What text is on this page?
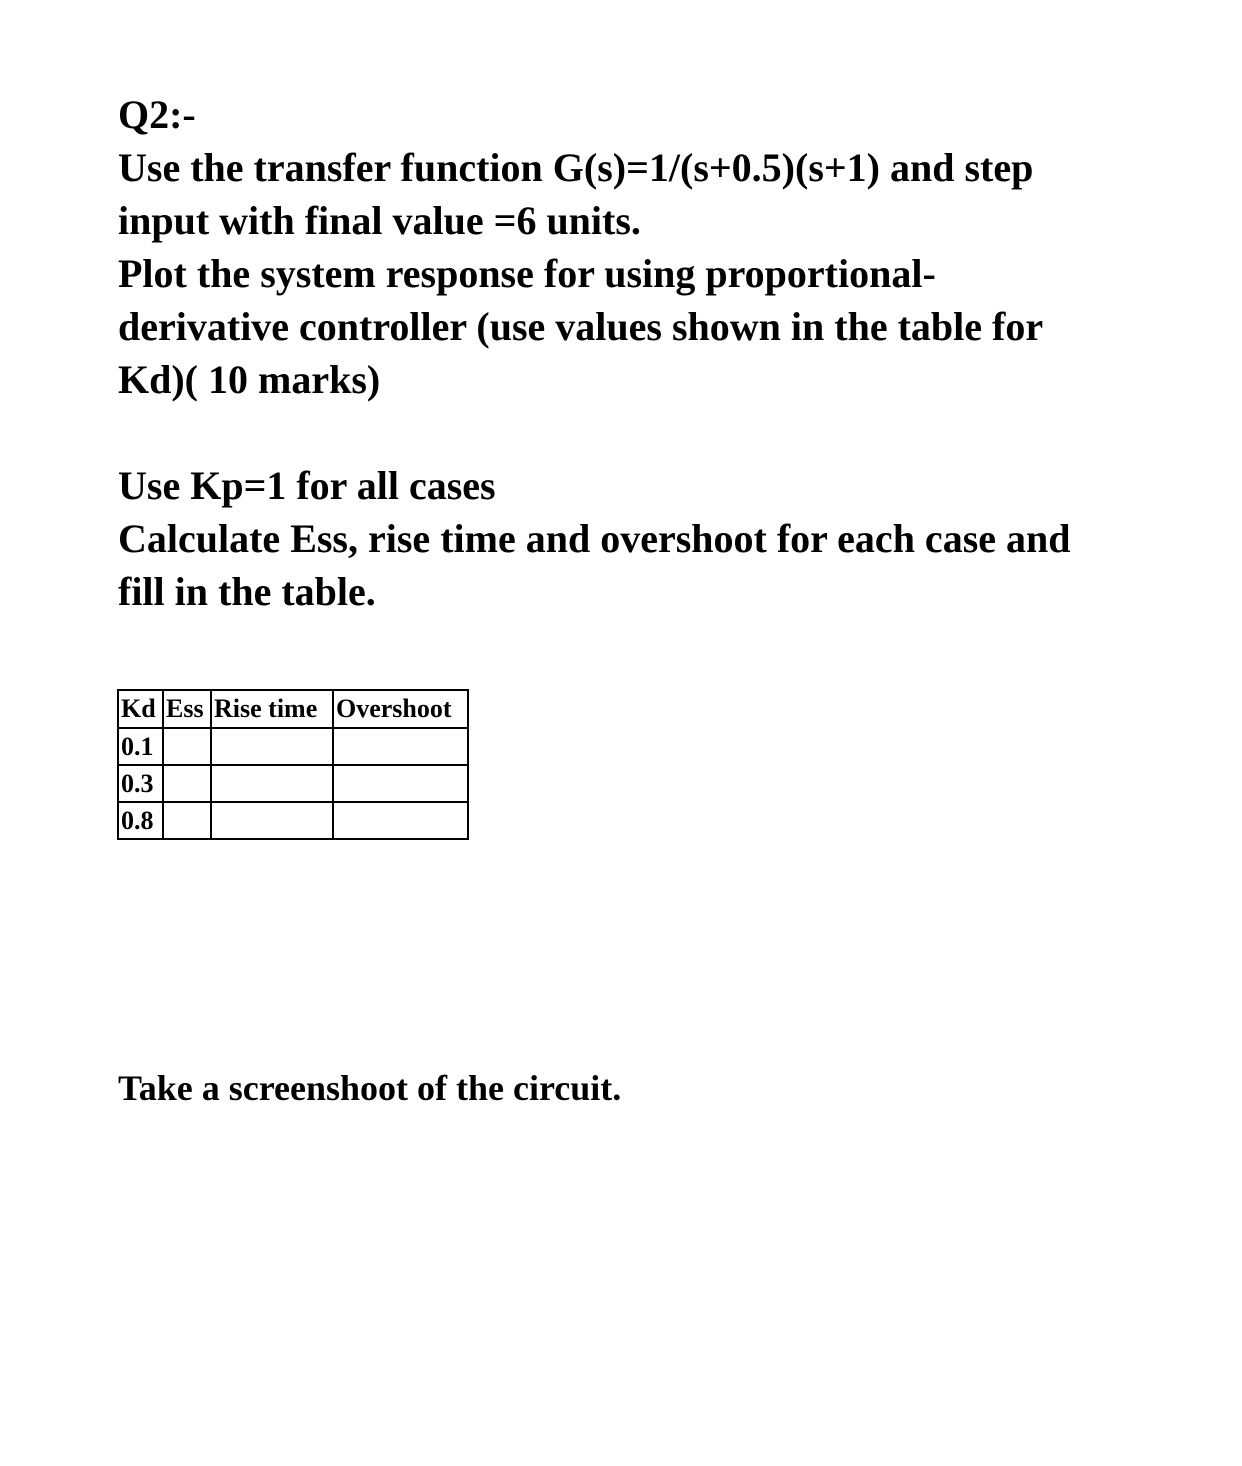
Q2:-

Use the transfer function G(s)=1/(s+0.5)(s+1) and step

input with final value =6 units.

Plot the system response for using proportional-

derivative controller (use values shown in the table for

Kd)( 10 marks)

Use Kp=1 for all cases

Calculate Ess, rise time and overshoot for each case and

fill in the table.

Kd	Ess	Rise time	Overshoot
0.1			
0.3			
0.8			

Take a screenshoot of the circuit.
